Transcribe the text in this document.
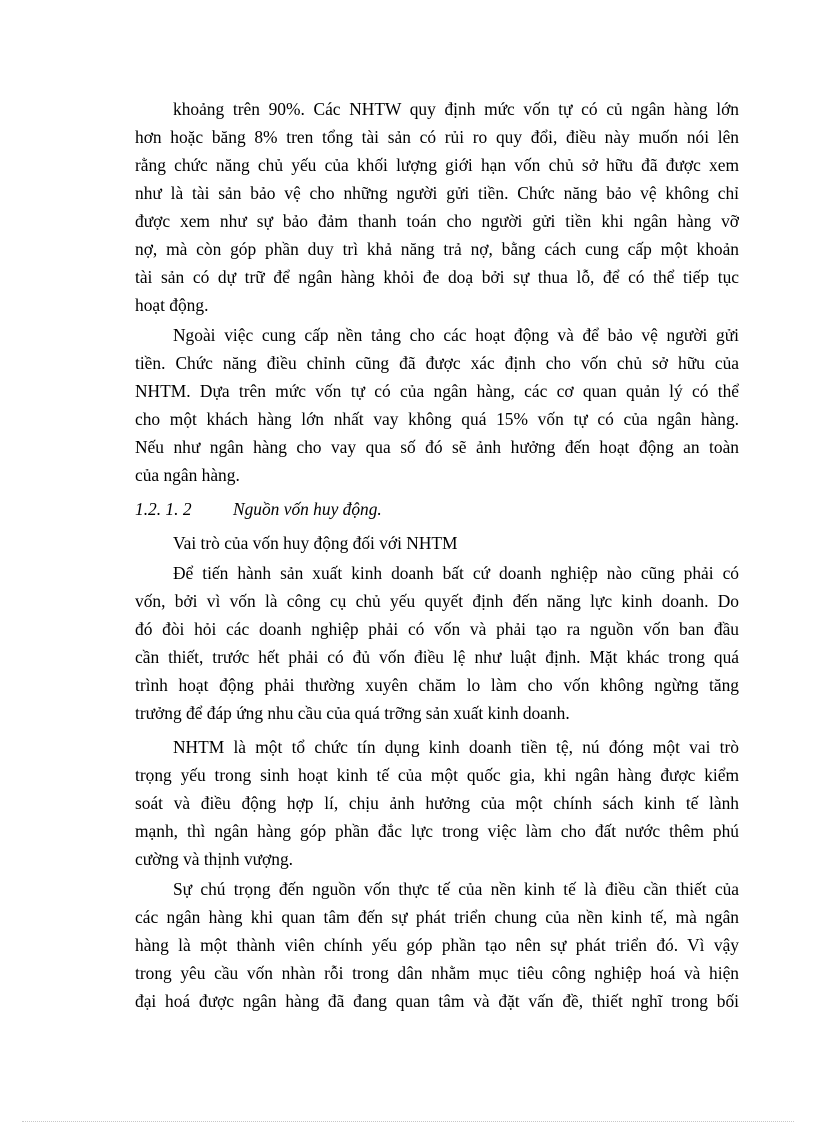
khoảng trên 90%. Các NHTW quy định mức vốn tự có củ ngân hàng lớn
hơn hoặc băng 8% tren tổng tài sản có rủi ro quy đổi, điều này muốn nói lên
rằng chức năng chủ yếu của khối lượng giới hạn vốn chủ sở hữu đã được xem
như là tài sản bảo vệ cho những người gửi tiền. Chức năng bảo vệ không chỉ
được xem như sự bảo đảm thanh toán cho người gửi tiền khi ngân hàng vỡ
nợ, mà còn góp phần duy trì khả năng trả nợ, bằng cách cung cấp một khoản
tài sản có dự trữ để ngân hàng khỏi đe doạ bởi sự thua lỗ, để có thể tiếp tục
hoạt động.
Ngoài việc cung cấp nền tảng cho các hoạt động và để bảo vệ người gửi
tiền. Chức năng điều chỉnh cũng đã được xác định cho vốn chủ sở hữu của
NHTM. Dựa trên mức vốn tự có của ngân hàng, các cơ quan quản lý có thể
cho một khách hàng lớn nhất vay không quá 15% vốn tự có của ngân hàng.
Nếu như ngân hàng cho vay qua số đó sẽ ảnh hưởng đến hoạt động an toàn
của ngân hàng.
1.2. 1. 2 Nguồn vốn huy động.
Vai trò của vốn huy động đối với NHTM
Để tiến hành sản xuất kinh doanh bất cứ doanh nghiệp nào cũng phải có
vốn, bởi vì vốn là công cụ chủ yếu quyết định đến năng lực kinh doanh. Do
đó đòi hỏi các doanh nghiệp phải có vốn và phải tạo ra nguồn vốn ban đầu
cần thiết, trước hết phải có đủ vốn điều lệ như luật định. Mặt khác trong quá
trình hoạt động phải thường xuyên chăm lo làm cho vốn không ngừng tăng
trưởng để đáp ứng nhu cầu của quá trỡng sản xuất kinh doanh.
NHTM là một tổ chức tín dụng kinh doanh tiền tệ, nú đóng một vai trò
trọng yếu trong sinh hoạt kinh tế của một quốc gia, khi ngân hàng được kiểm
soát và điều động hợp lí, chịu ảnh hưởng của một chính sách kinh tế lành
mạnh, thì ngân hàng góp phần đắc lực trong việc làm cho đất nước thêm phú
cường và thịnh vượng.
Sự chú trọng đến nguồn vốn thực tế của nền kinh tế là điều cần thiết của
các ngân hàng khi quan tâm đến sự phát triển chung của nền kinh tế, mà ngân
hàng là một thành viên chính yếu góp phần tạo nên sự phát triển đó. Vì vậy
trong yêu cầu vốn nhàn rỗi trong dân nhằm mục tiêu công nghiệp hoá và hiện
đại hoá được ngân hàng đã đang quan tâm và đặt vấn đề, thiết nghĩ trong bối
